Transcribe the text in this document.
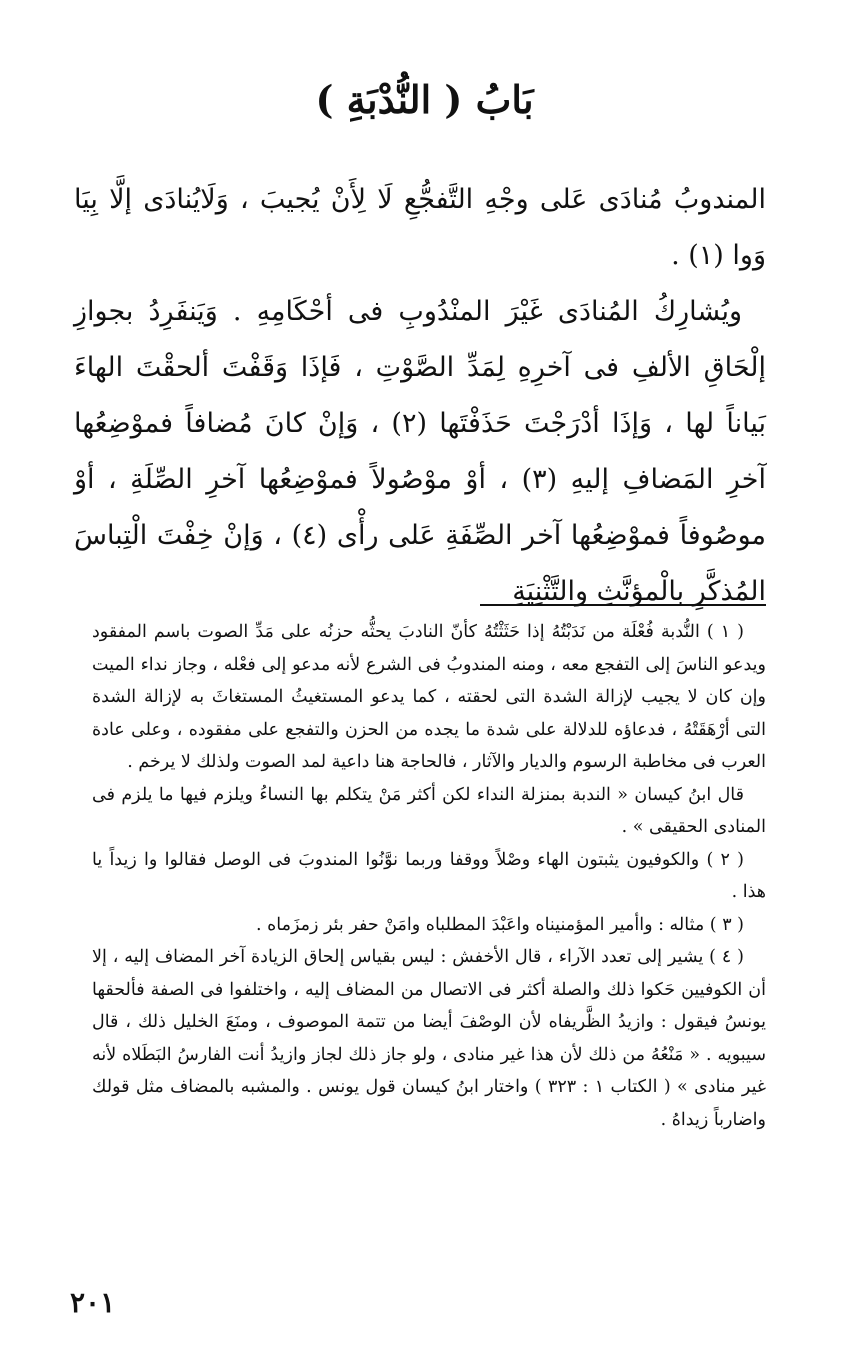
بَابُ ( النُّدْبَةِ )

المندوبُ مُنادَى عَلى وجْهِ التَّفجُّعِ لَا لِأَنْ يُجيبَ ، وَلَايُنادَى إلَّا بِيَا وَوا (١) .

ويُشارِكُ المُنادَى غَيْرَ المنْدُوبِ فى أحْكَامِهِ . وَيَنفَرِدُ بجوازِ إلْحَاقِ الألفِ فى آخرِهِ لِمَدِّ الصَّوْتِ ، فَإذَا وَقَفْتَ ألحقْتَ الهاءَ بَياناً لها ، وَإذَا أدْرَجْتَ حَذَفْتَها (٢) ، وَإنْ كانَ مُضافاً فموْضِعُها آخرِ المَضافِ إليهِ (٣) ، أوْ موْصُولاً فموْضِعُها آخرِ الصِّلَةِ ، أوْ موصُوفاً فموْضِعُها آخر الصِّفَةِ عَلى رأْى (٤) ، وَإنْ خِفْتَ الْتِباسَ المُذكَّرِ بالْمؤنَّثِ والتَّثْنِيَةِ

( ١ ) النُّدبة فُعْلَة من نَدَبْتُهُ إذا حَثَثْتُهُ كأنّ النادبَ يحثُّه حزنُه على مَدِّ الصوت باسم المفقود ويدعو الناسَ إلى التفجع معه ، ومنه المندوبُ فى الشرع لأنه مدعو إلى فعْله ، وجاز نداء الميت وإن كان لا يجيب لإزالة الشدة التى لحقته ، كما يدعو المستغيثُ المستغاثَ به لإزالة الشدة التى أرْهَقَتْهُ ، فدعاؤه للدلالة على شدة ما يجده من الحزن والتفجع على مفقوده ، وعلى عادة العرب فى مخاطبة الرسوم والديار والآثار ، فالحاجة هنا داعية لمد الصوت ولذلك لا يرخم .

قال ابنُ كيسان « الندبة بمنزلة النداء لكن أكثر مَنْ يتكلم بها النساءُ ويلزم فيها ما يلزم فى المنادى الحقيقى » .

( ٢ ) والكوفيون يثبتون الهاء وصْلاً ووقفا وربما نوَّنُوا المندوبَ فى الوصل فقالوا وا زيداً يا هذا .

( ٣ ) مثاله : واأمير المؤمنيناه واعَبْدَ المطلباه وامَنْ حفر بئر زمزَماه .

( ٤ ) يشير إلى تعدد الآراء ، قال الأخفش : ليس بقياس إلحاق الزيادة آخر المضاف إليه ، إلا أن الكوفيين حَكوا ذلك والصلة أكثر فى الاتصال من المضاف إليه ، واختلفوا فى الصفة فألحقها يونسُ فيقول : وازيدُ الظَّريفاه لأن الوصْفَ أيضا من تتمة الموصوف ، ومنَعَ الخليل ذلك ، قال سيبويه . « مَنْعُهُ من ذلك لأن هذا غير منادى ، ولو جاز ذلك لجاز وازيدُ أنت الفارسُ البَطَلاه لأنه غير منادى » ( الكتاب ١ : ٣٢٣ ) واختار ابنُ كيسان قول يونس . والمشبه بالمضاف مثل قولك واضارباً زيداهُ .

٢٠١
